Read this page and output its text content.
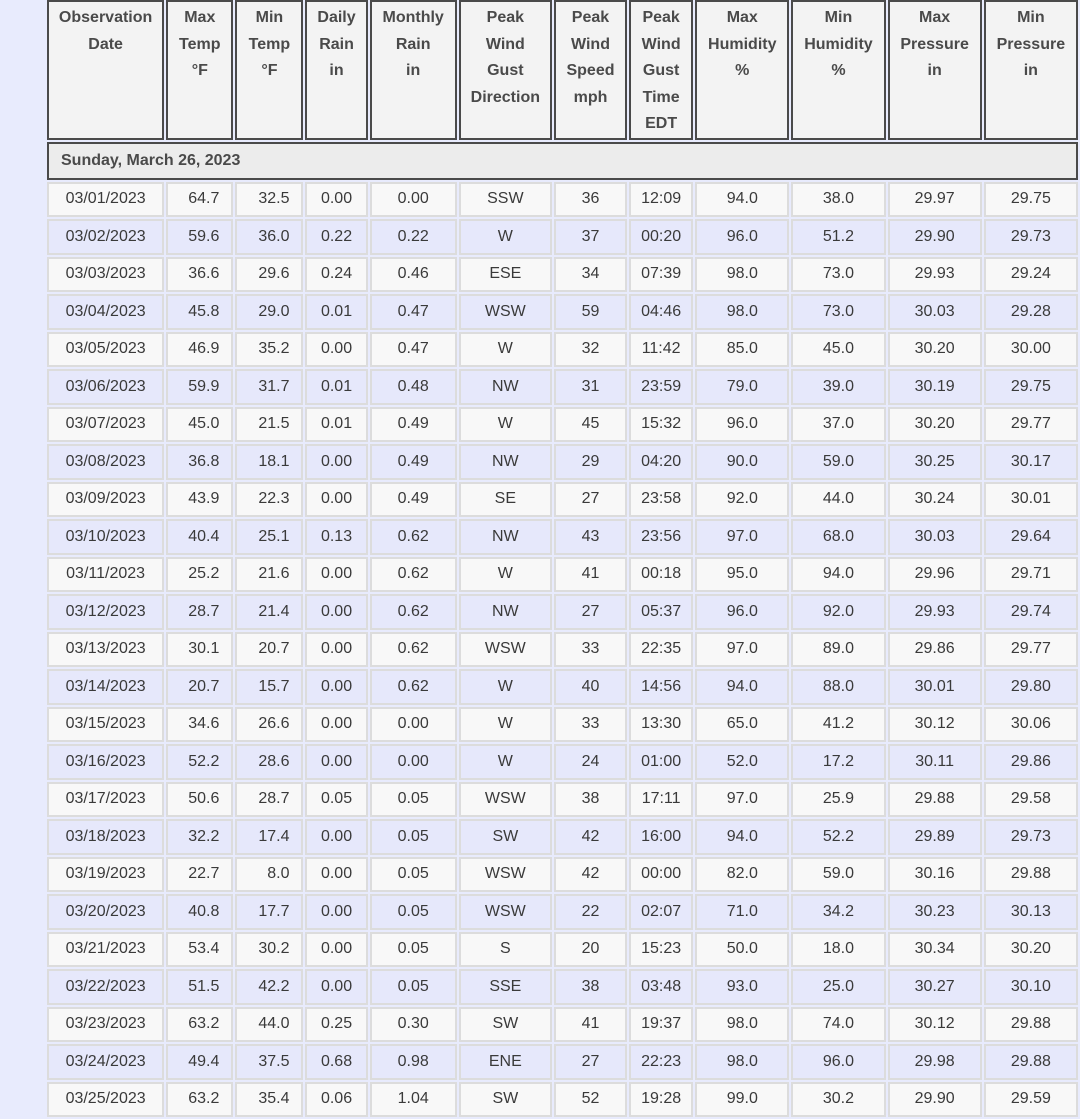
Observation
Date	Max
Temp
°F	Min
Temp
°F	Daily
Rain
in	Monthly
Rain
in	Peak
Wind
Gust
Direction	Peak
Wind
Speed
mph	Peak
Wind
Gust
Time
EDT	Max
Humidity
%	Min
Humidity
%	Max
Pressure
in	Min
Pressure
in
Sunday, March 26, 2023											
03/01/2023	64.7	32.5	0.00	0.00	SSW	36	12:09	94.0	38.0	29.97	29.75
03/02/2023	59.6	36.0	0.22	0.22	W	37	00:20	96.0	51.2	29.90	29.73
03/03/2023	36.6	29.6	0.24	0.46	ESE	34	07:39	98.0	73.0	29.93	29.24
03/04/2023	45.8	29.0	0.01	0.47	WSW	59	04:46	98.0	73.0	30.03	29.28
03/05/2023	46.9	35.2	0.00	0.47	W	32	11:42	85.0	45.0	30.20	30.00
03/06/2023	59.9	31.7	0.01	0.48	NW	31	23:59	79.0	39.0	30.19	29.75
03/07/2023	45.0	21.5	0.01	0.49	W	45	15:32	96.0	37.0	30.20	29.77
03/08/2023	36.8	18.1	0.00	0.49	NW	29	04:20	90.0	59.0	30.25	30.17
03/09/2023	43.9	22.3	0.00	0.49	SE	27	23:58	92.0	44.0	30.24	30.01
03/10/2023	40.4	25.1	0.13	0.62	NW	43	23:56	97.0	68.0	30.03	29.64
03/11/2023	25.2	21.6	0.00	0.62	W	41	00:18	95.0	94.0	29.96	29.71
03/12/2023	28.7	21.4	0.00	0.62	NW	27	05:37	96.0	92.0	29.93	29.74
03/13/2023	30.1	20.7	0.00	0.62	WSW	33	22:35	97.0	89.0	29.86	29.77
03/14/2023	20.7	15.7	0.00	0.62	W	40	14:56	94.0	88.0	30.01	29.80
03/15/2023	34.6	26.6	0.00	0.00	W	33	13:30	65.0	41.2	30.12	30.06
03/16/2023	52.2	28.6	0.00	0.00	W	24	01:00	52.0	17.2	30.11	29.86
03/17/2023	50.6	28.7	0.05	0.05	WSW	38	17:11	97.0	25.9	29.88	29.58
03/18/2023	32.2	17.4	0.00	0.05	SW	42	16:00	94.0	52.2	29.89	29.73
03/19/2023	22.7	8.0	0.00	0.05	WSW	42	00:00	82.0	59.0	30.16	29.88
03/20/2023	40.8	17.7	0.00	0.05	WSW	22	02:07	71.0	34.2	30.23	30.13
03/21/2023	53.4	30.2	0.00	0.05	S	20	15:23	50.0	18.0	30.34	30.20
03/22/2023	51.5	42.2	0.00	0.05	SSE	38	03:48	93.0	25.0	30.27	30.10
03/23/2023	63.2	44.0	0.25	0.30	SW	41	19:37	98.0	74.0	30.12	29.88
03/24/2023	49.4	37.5	0.68	0.98	ENE	27	22:23	98.0	96.0	29.98	29.88
03/25/2023	63.2	35.4	0.06	1.04	SW	52	19:28	99.0	30.2	29.90	29.59
